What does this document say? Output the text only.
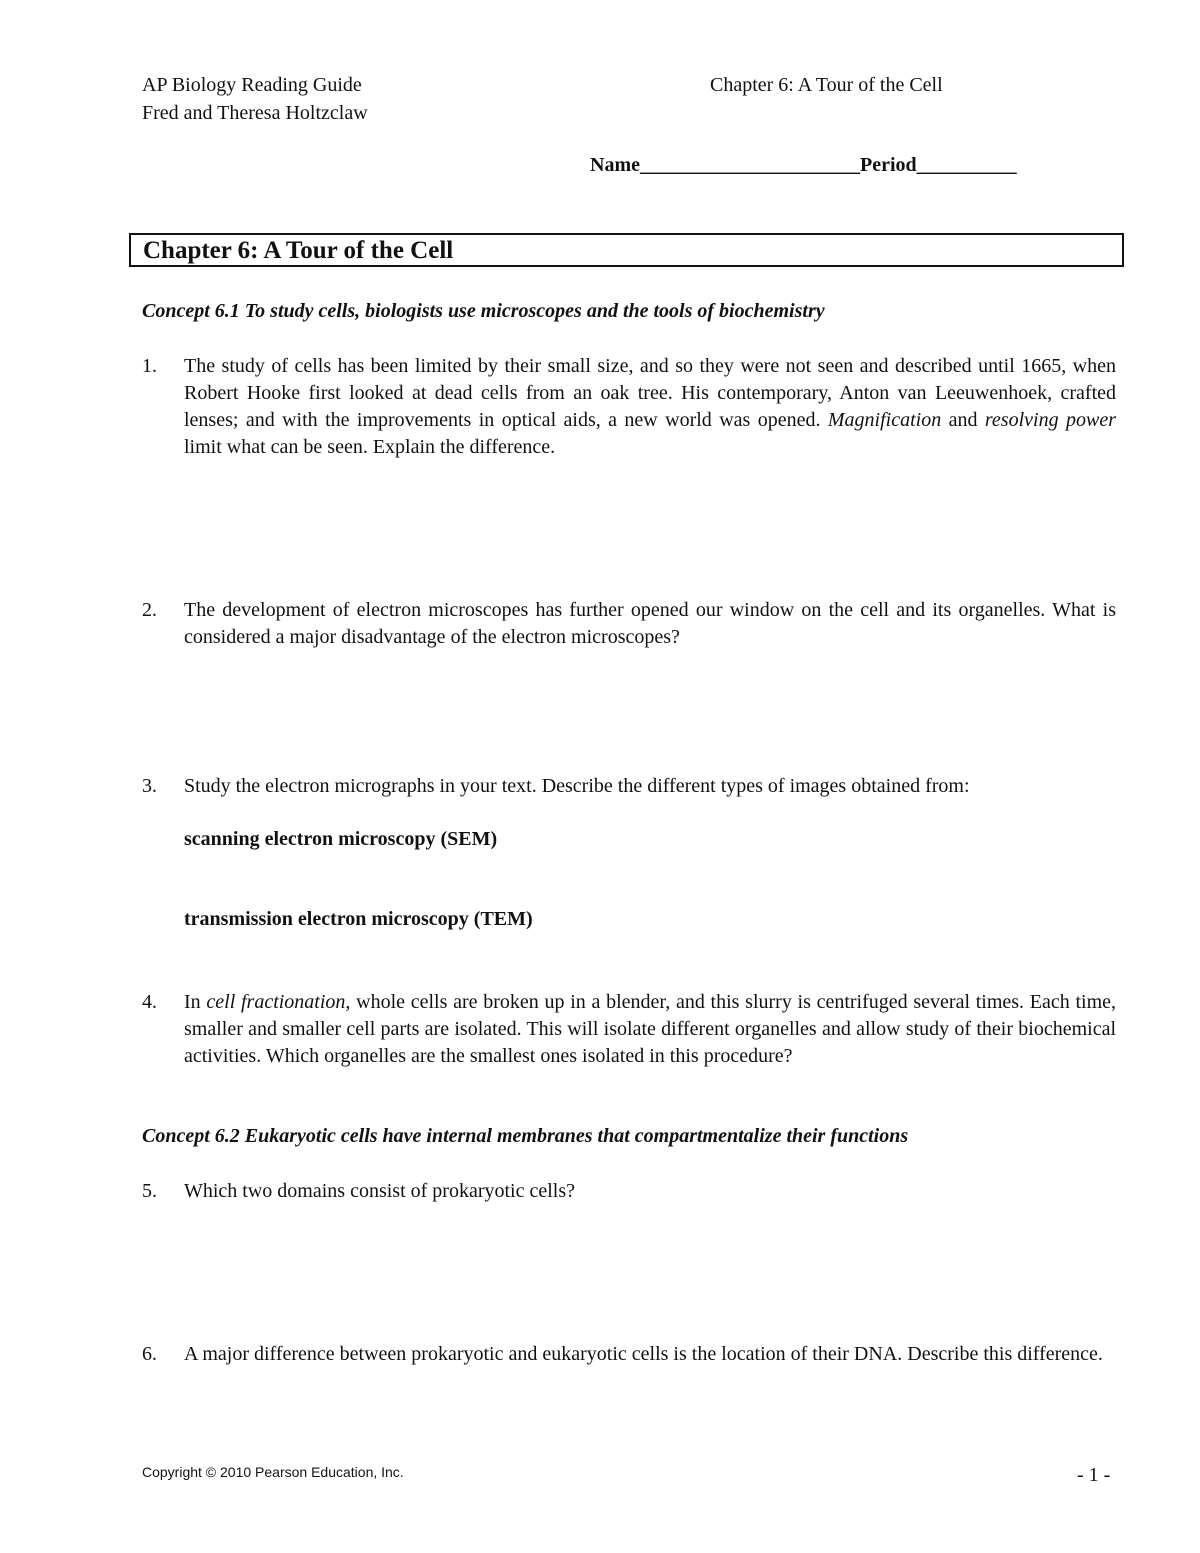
AP Biology Reading Guide
Fred and Theresa Holtzclaw
Chapter 6: A Tour of the Cell
Name______________________Period__________
Chapter 6: A Tour of the Cell
Concept 6.1 To study cells, biologists use microscopes and the tools of biochemistry
1. The study of cells has been limited by their small size, and so they were not seen and described until 1665, when Robert Hooke first looked at dead cells from an oak tree. His contemporary, Anton van Leeuwenhoek, crafted lenses; and with the improvements in optical aids, a new world was opened. Magnification and resolving power limit what can be seen. Explain the difference.
2. The development of electron microscopes has further opened our window on the cell and its organelles. What is considered a major disadvantage of the electron microscopes?
3. Study the electron micrographs in your text. Describe the different types of images obtained from:
scanning electron microscopy (SEM)
transmission electron microscopy (TEM)
4. In cell fractionation, whole cells are broken up in a blender, and this slurry is centrifuged several times. Each time, smaller and smaller cell parts are isolated. This will isolate different organelles and allow study of their biochemical activities. Which organelles are the smallest ones isolated in this procedure?
Concept 6.2 Eukaryotic cells have internal membranes that compartmentalize their functions
5. Which two domains consist of prokaryotic cells?
6. A major difference between prokaryotic and eukaryotic cells is the location of their DNA. Describe this difference.
Copyright © 2010 Pearson Education, Inc.	- 1 -
